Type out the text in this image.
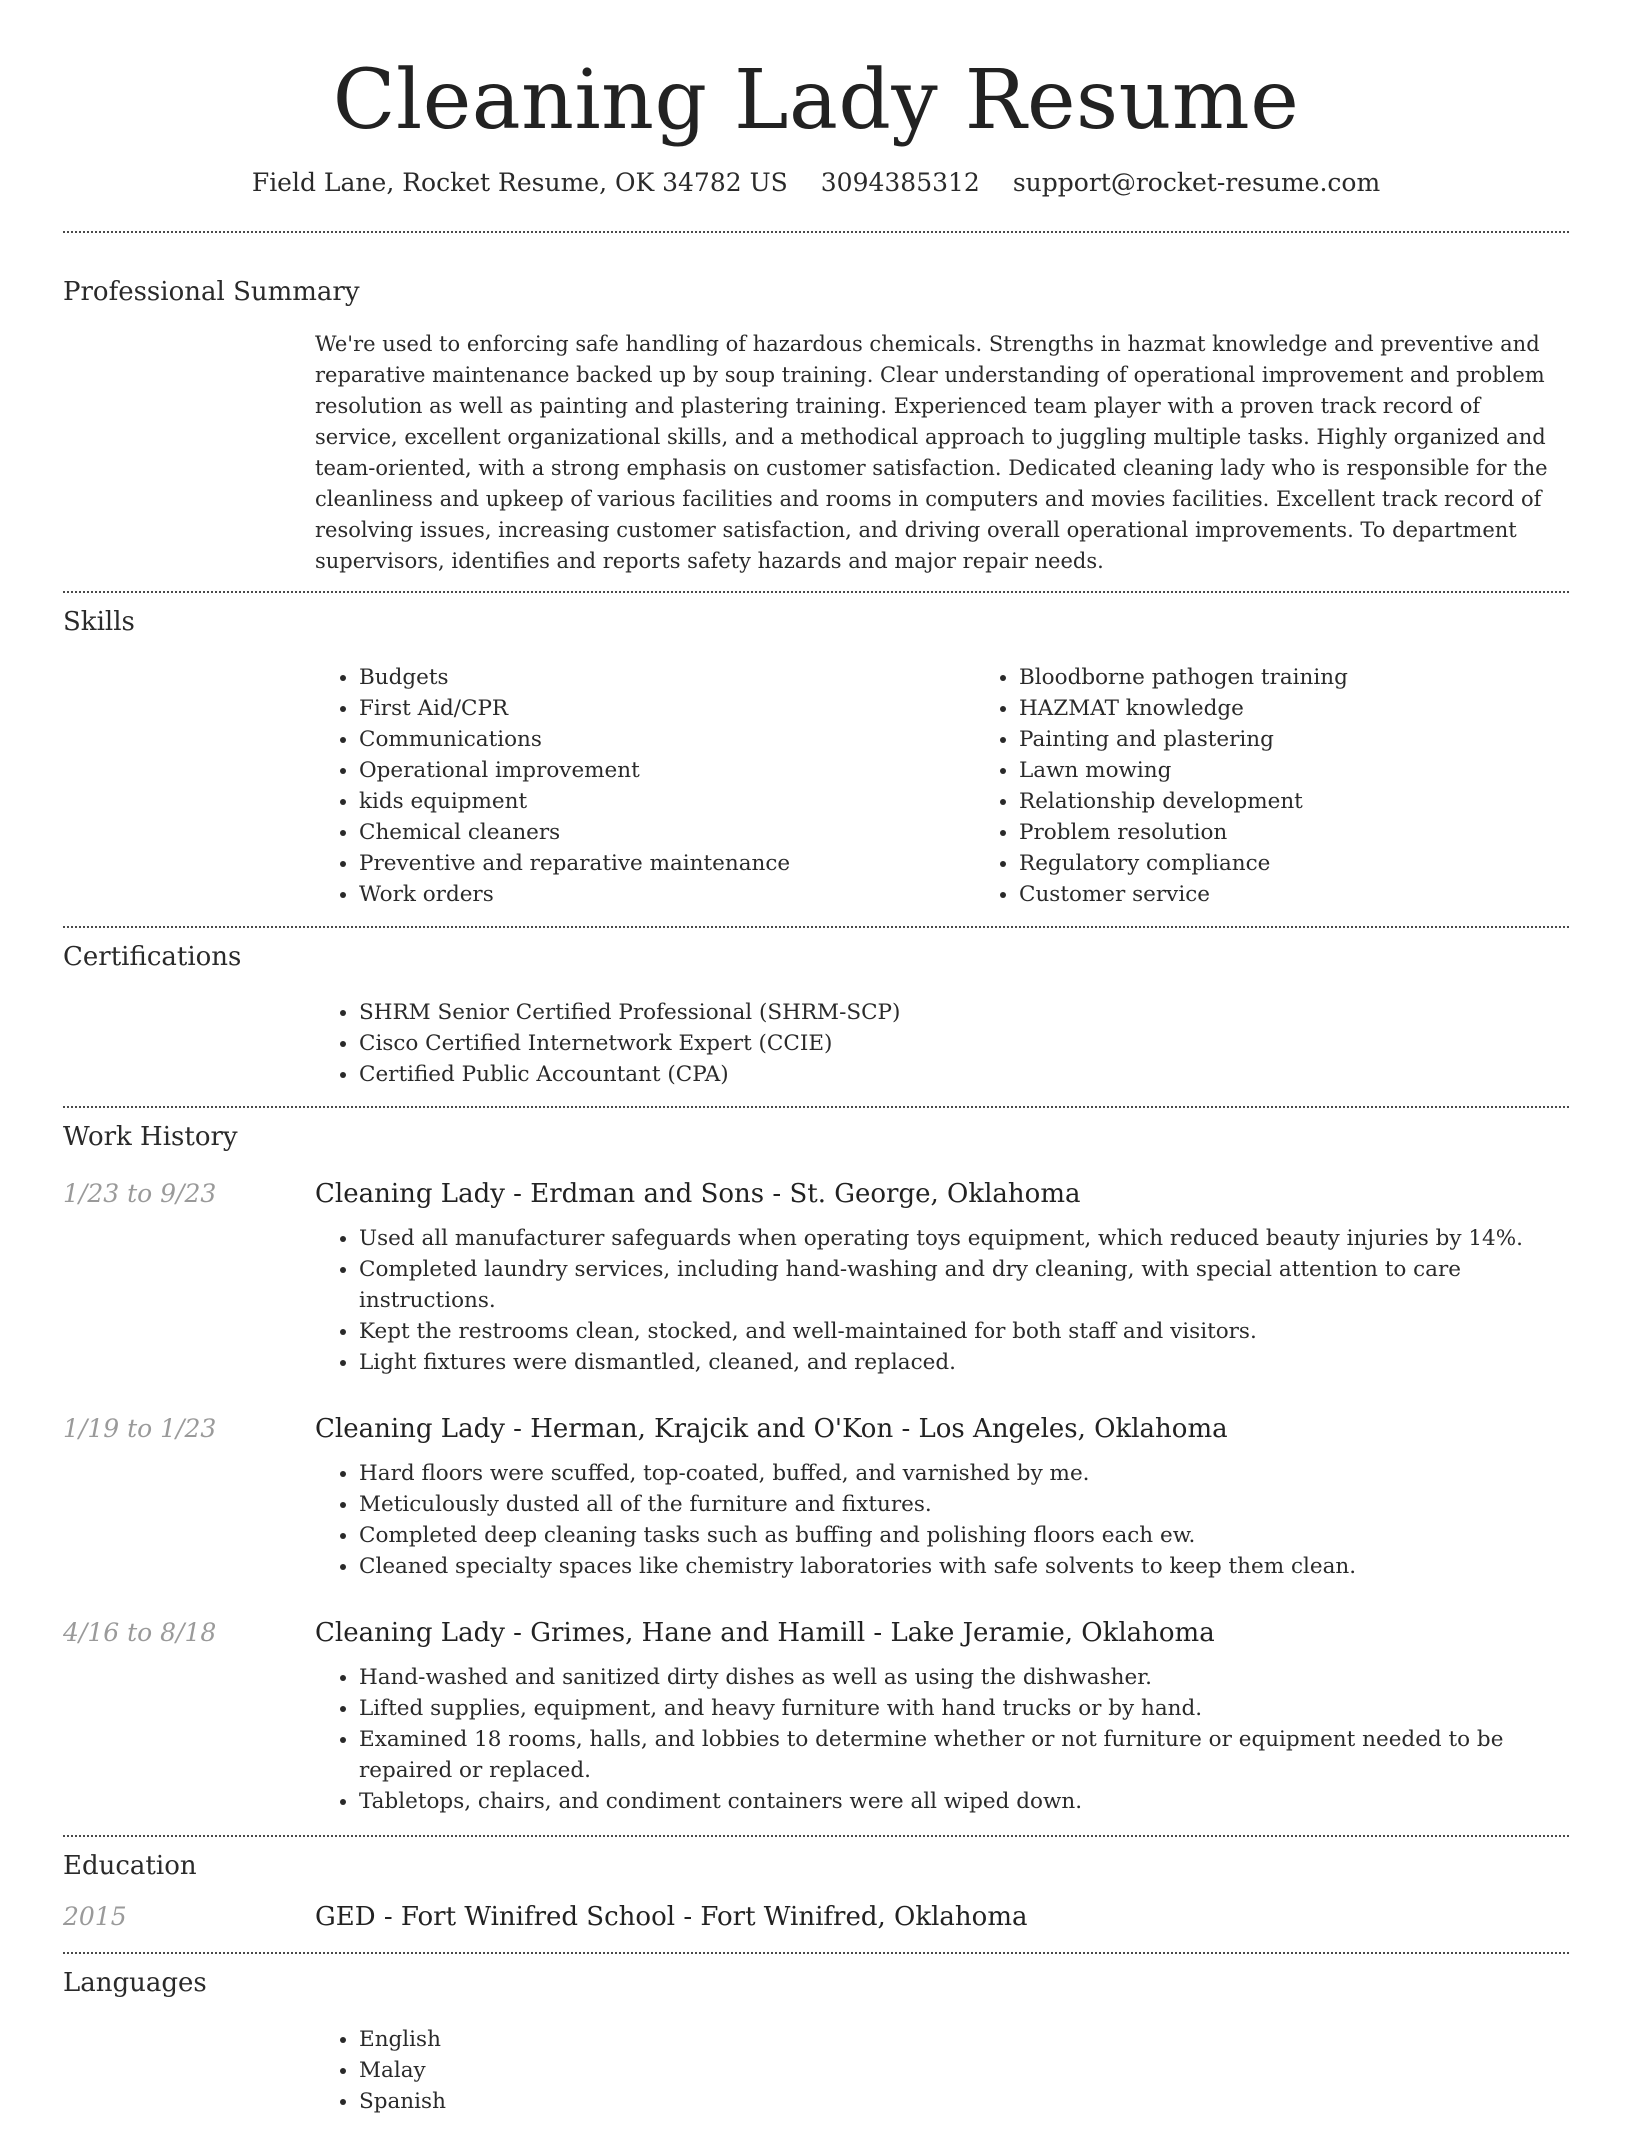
Cleaning Lady Resume
Field Lane, Rocket Resume, OK 34782 US 3094385312 support@rocket-resume.com
Professional Summary

We're used to enforcing safe handling of hazardous chemicals. Strengths in hazmat knowledge and preventive and reparative maintenance backed up by soup training. Clear understanding of operational improvement and problem resolution as well as painting and plastering training. Experienced team player with a proven track record of service, excellent organizational skills, and a methodical approach to juggling multiple tasks. Highly organized and team-oriented, with a strong emphasis on customer satisfaction. Dedicated cleaning lady who is responsible for the cleanliness and upkeep of various facilities and rooms in computers and movies facilities. Excellent track record of resolving issues, increasing customer satisfaction, and driving overall operational improvements. To department supervisors, identifies and reports safety hazards and major repair needs.

Skills
• Budgets
• First Aid/CPR
• Communications
• Operational improvement
• kids equipment
• Chemical cleaners
• Preventive and reparative maintenance
• Work orders
• Bloodborne pathogen training
• HAZMAT knowledge
• Painting and plastering
• Lawn mowing
• Relationship development
• Problem resolution
• Regulatory compliance
• Customer service
Certifications
• SHRM Senior Certified Professional (SHRM-SCP)
• Cisco Certified Internetwork Expert (CCIE)
• Certified Public Accountant (CPA)
Work History
1/23 to 9/23	Cleaning Lady - Erdman and Sons - St. George, Oklahoma
• Used all manufacturer safeguards when operating toys equipment, which reduced beauty injuries by 14%.
• Completed laundry services, including hand-washing and dry cleaning, with special attention to care instructions.
• Kept the restrooms clean, stocked, and well-maintained for both staff and visitors.
• Light fixtures were dismantled, cleaned, and replaced.
1/19 to 1/23	Cleaning Lady - Herman, Krajcik and O'Kon - Los Angeles, Oklahoma
• Hard floors were scuffed, top-coated, buffed, and varnished by me.
• Meticulously dusted all of the furniture and fixtures.
• Completed deep cleaning tasks such as buffing and polishing floors each ew.
• Cleaned specialty spaces like chemistry laboratories with safe solvents to keep them clean.
4/16 to 8/18	Cleaning Lady - Grimes, Hane and Hamill - Lake Jeramie, Oklahoma
• Hand-washed and sanitized dirty dishes as well as using the dishwasher.
• Lifted supplies, equipment, and heavy furniture with hand trucks or by hand.
• Examined 18 rooms, halls, and lobbies to determine whether or not furniture or equipment needed to be repaired or replaced.
• Tabletops, chairs, and condiment containers were all wiped down.
Education
2015	GED - Fort Winifred School - Fort Winifred, Oklahoma
Languages
• English
• Malay
• Spanish
